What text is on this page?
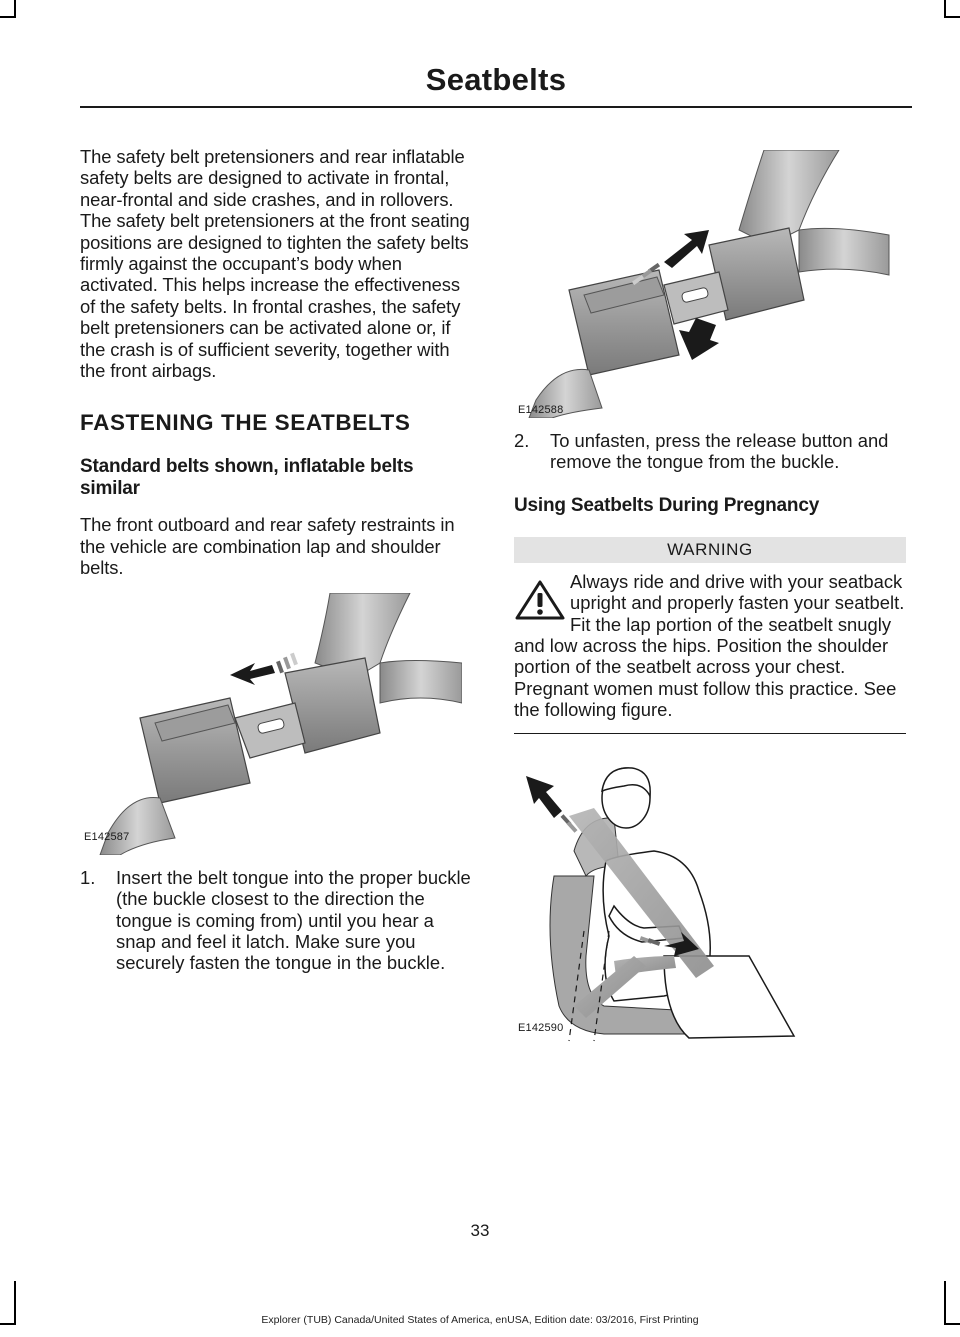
Seatbelts

The safety belt pretensioners and rear inflatable safety belts are designed to activate in frontal, near-frontal and side crashes, and in rollovers. The safety belt pretensioners at the front seating positions are designed to tighten the safety belts firmly against the occupant’s body when activated. This helps increase the effectiveness of the safety belts. In frontal crashes, the safety belt pretensioners can be activated alone or, if the crash is of sufficient severity, together with the front airbags.

FASTENING THE SEATBELTS
Standard belts shown, inflatable belts similar

The front outboard and rear safety restraints in the vehicle are combination lap and shoulder belts.

E142587
1.	Insert the belt tongue into the proper buckle (the buckle closest to the direction the tongue is coming from) until you hear a snap and feel it latch. Make sure you securely fasten the tongue in the buckle.
E142588
2.	To unfasten, press the release button and remove the tongue from the buckle.
Using Seatbelts During Pregnancy
WARNING
Always ride and drive with your seatback upright and properly fasten your seatbelt. Fit the lap portion of the seatbelt snugly and low across the hips. Position the shoulder portion of the seatbelt across your chest. Pregnant women must follow this practice. See the following figure.
E142590
33
Explorer (TUB) Canada/United States of America, enUSA, Edition date: 03/2016, First Printing
